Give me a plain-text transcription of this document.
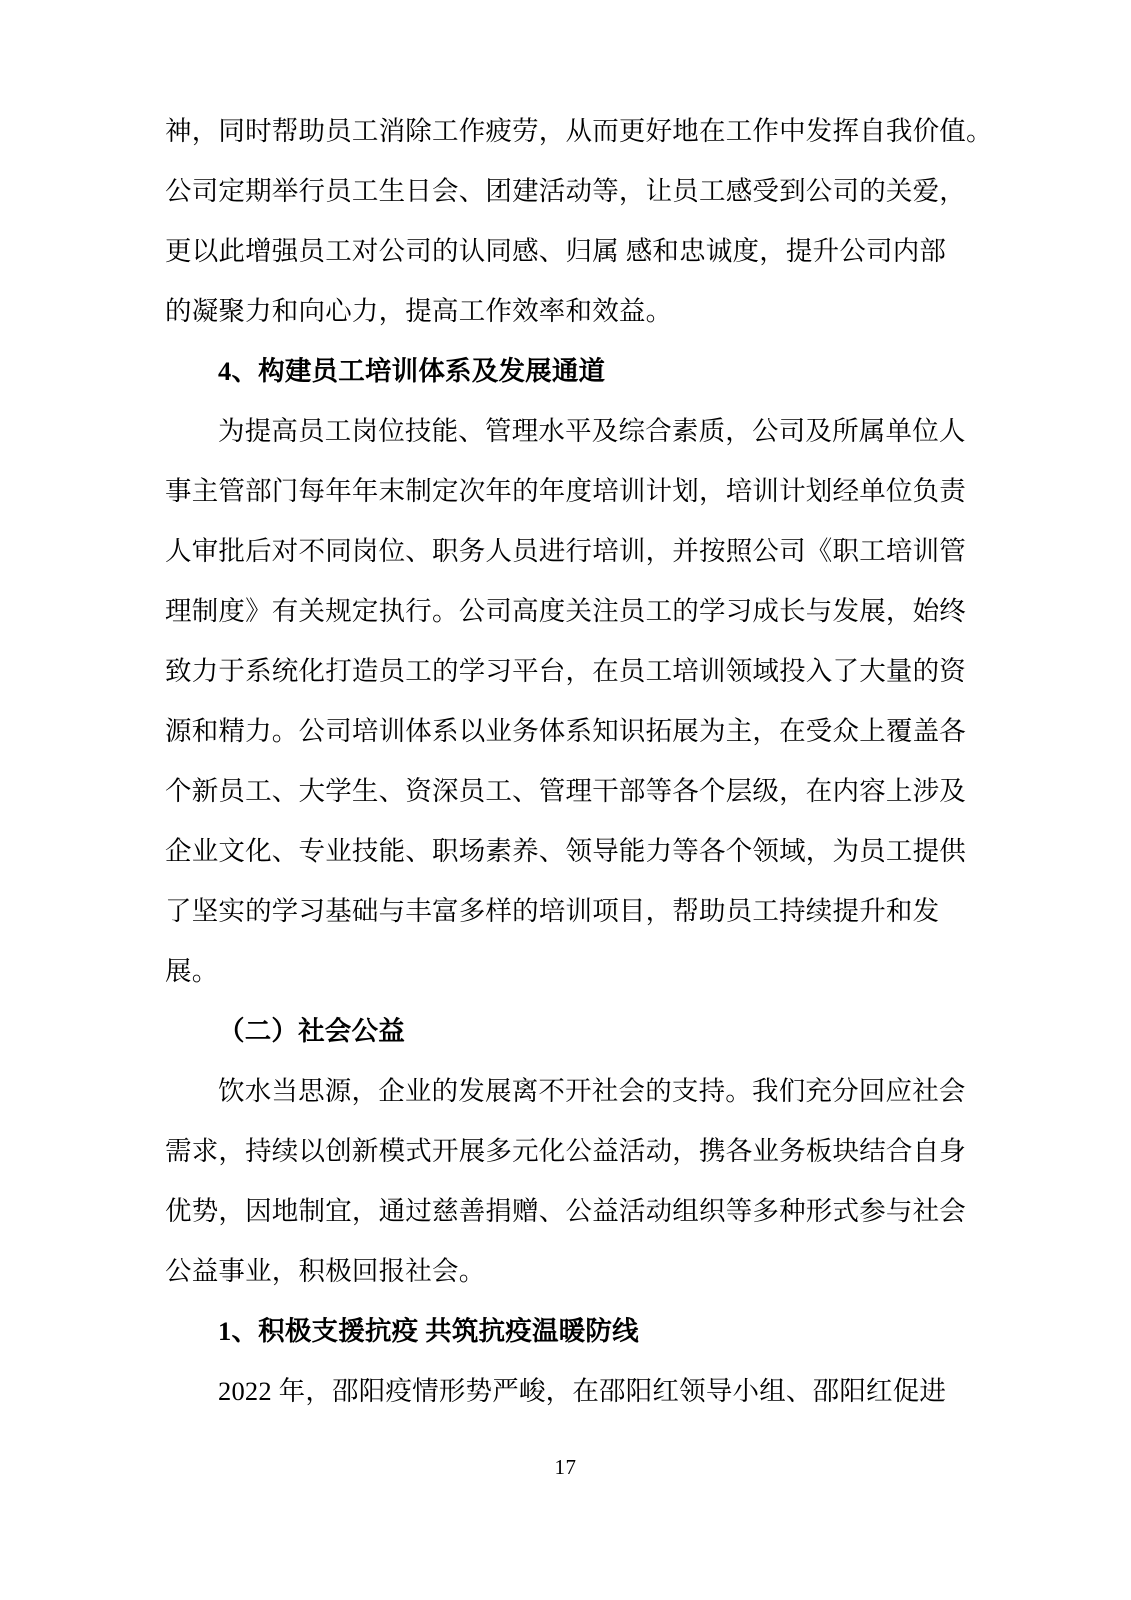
神，同时帮助员工消除工作疲劳，从而更好地在工作中发挥自我价值。
公司定期举行员工生日会、团建活动等，让员工感受到公司的关爱，
更以此增强员工对公司的认同感、归属 感和忠诚度，提升公司内部
的凝聚力和向心力，提高工作效率和效益。
4、构建员工培训体系及发展通道
为提高员工岗位技能、管理水平及综合素质，公司及所属单位人
事主管部门每年年末制定次年的年度培训计划，培训计划经单位负责
人审批后对不同岗位、职务人员进行培训，并按照公司《职工培训管
理制度》有关规定执行。公司高度关注员工的学习成长与发展，始终
致力于系统化打造员工的学习平台，在员工培训领域投入了大量的资
源和精力。公司培训体系以业务体系知识拓展为主，在受众上覆盖各
个新员工、大学生、资深员工、管理干部等各个层级，在内容上涉及
企业文化、专业技能、职场素养、领导能力等各个领域，为员工提供
了坚实的学习基础与丰富多样的培训项目，帮助员工持续提升和发
展。
（二）社会公益
饮水当思源，企业的发展离不开社会的支持。我们充分回应社会
需求，持续以创新模式开展多元化公益活动，携各业务板块结合自身
优势，因地制宜，通过慈善捐赠、公益活动组织等多种形式参与社会
公益事业，积极回报社会。
1、积极支援抗疫 共筑抗疫温暖防线
2022 年，邵阳疫情形势严峻，在邵阳红领导小组、邵阳红促进
17
